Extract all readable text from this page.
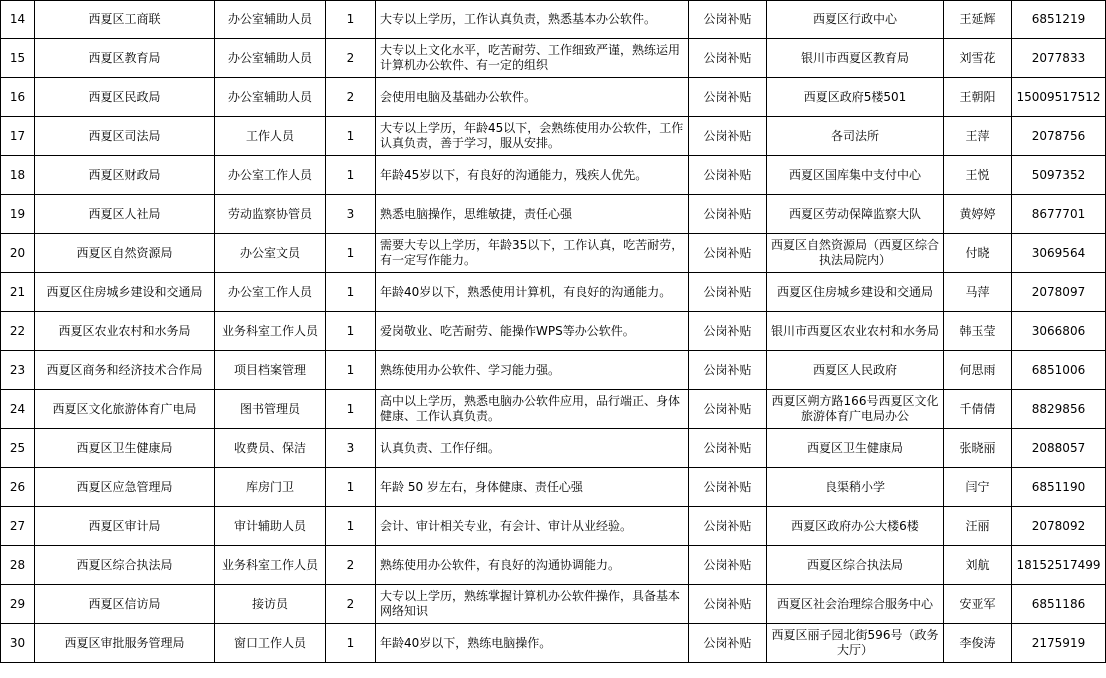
14	西夏区工商联	办公室辅助人员	1	大专以上学历，工作认真负责，熟悉基本办公软件。	公岗补贴	西夏区行政中心	王延辉	6851219

15	西夏区教育局	办公室辅助人员	2	大专以上文化水平，吃苦耐劳、工作细致严谨，熟练运用计算机办公软件、有一定的组织	公岗补贴	银川市西夏区教育局	刘雪花	2077833

16	西夏区民政局	办公室辅助人员	2	会使用电脑及基础办公软件。	公岗补贴	西夏区政府5楼501	王朝阳	15009517512

17	西夏区司法局	工作人员	1	大专以上学历，年龄45以下，会熟练使用办公软件，工作认真负责，善于学习，服从安排。	公岗补贴	各司法所	王萍	2078756

18	西夏区财政局	办公室工作人员	1	年龄45岁以下，有良好的沟通能力，残疾人优先。	公岗补贴	西夏区国库集中支付中心	王悦	5097352

19	西夏区人社局	劳动监察协管员	3	熟悉电脑操作，思维敏捷，责任心强	公岗补贴	西夏区劳动保障监察大队	黄婷婷	8677701

20	西夏区自然资源局	办公室文员	1	需要大专以上学历，年龄35以下，工作认真，吃苦耐劳，有一定写作能力。	公岗补贴	西夏区自然资源局（西夏区综合执法局院内）	付晓	3069564

21	西夏区住房城乡建设和交通局	办公室工作人员	1	年龄40岁以下，熟悉使用计算机，有良好的沟通能力。	公岗补贴	西夏区住房城乡建设和交通局	马萍	2078097

22	西夏区农业农村和水务局	业务科室工作人员	1	爱岗敬业、吃苦耐劳、能操作WPS等办公软件。	公岗补贴	银川市西夏区农业农村和水务局	韩玉莹	3066806

23	西夏区商务和经济技术合作局	项目档案管理	1	熟练使用办公软件、学习能力强。	公岗补贴	西夏区人民政府	何思雨	6851006

24	西夏区文化旅游体育广电局	图书管理员	1	高中以上学历，熟悉电脑办公软件应用，品行端正、身体健康、工作认真负责。	公岗补贴	西夏区朔方路166号西夏区文化旅游体育广电局办公	千倩倩	8829856

25	西夏区卫生健康局	收费员、保洁	3	认真负责、工作仔细。	公岗补贴	西夏区卫生健康局	张晓丽	2088057

26	西夏区应急管理局	库房门卫	1	年龄 50 岁左右，身体健康、责任心强	公岗补贴	良渠稍小学	闫宁	6851190

27	西夏区审计局	审计辅助人员	1	会计、审计相关专业，有会计、审计从业经验。	公岗补贴	西夏区政府办公大楼6楼	汪丽	2078092

28	西夏区综合执法局	业务科室工作人员	2	熟练使用办公软件，有良好的沟通协调能力。	公岗补贴	西夏区综合执法局	刘航	18152517499

29	西夏区信访局	接访员	2	大专以上学历，熟练掌握计算机办公软件操作，具备基本网络知识	公岗补贴	西夏区社会治理综合服务中心	安亚军	6851186

30	西夏区审批服务管理局	窗口工作人员	1	年龄40岁以下，熟练电脑操作。	公岗补贴	西夏区丽子园北街596号（政务大厅）	李俊涛	2175919
